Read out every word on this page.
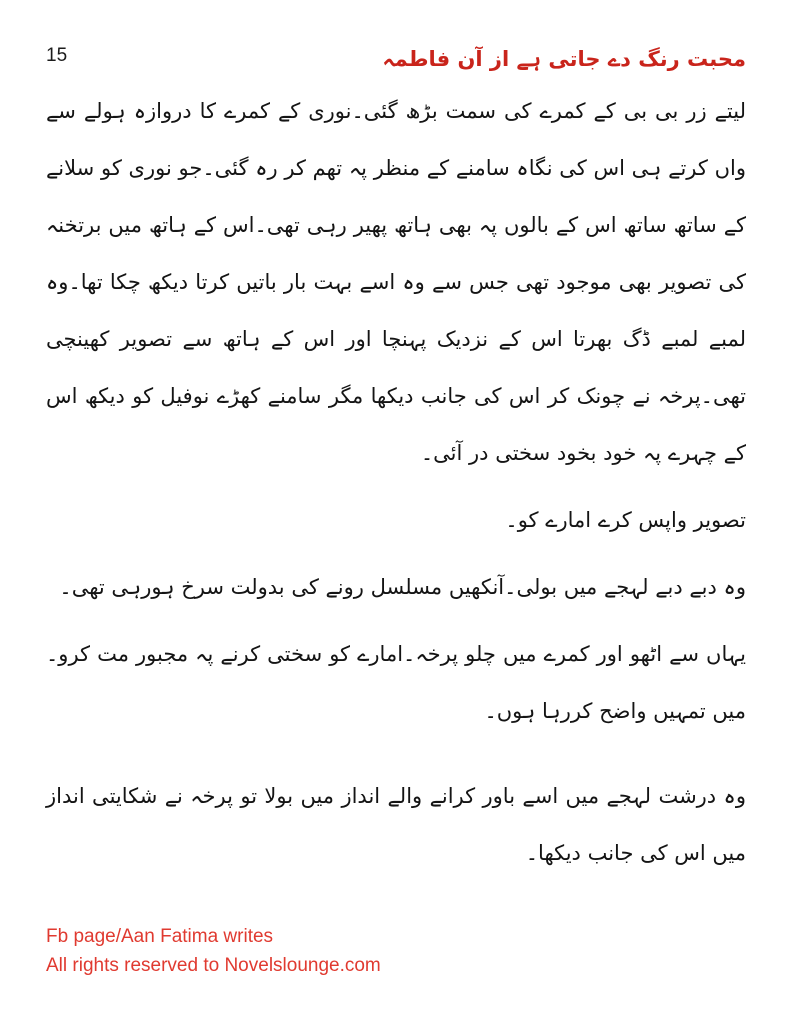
15	محبت رنگ دے جاتی ہے از آن فاطمہ

لیتے زر بی بی کے کمرے کی سمت بڑھ گئی۔نوری کے کمرے کا دروازہ ہولے سے واں کرتے ہی اس کی نگاہ سامنے کے منظر پہ تھم کر رہ گئی۔جو نوری کو سلانے کے ساتھ ساتھ اس کے بالوں پہ بھی ہاتھ پھیر رہی تھی۔اس کے ہاتھ میں برتخنہ کی تصویر بھی موجود تھی جس سے وہ اسے بہت بار باتیں کرتا دیکھ چکا تھا۔وہ لمبے لمبے ڈگ بھرتا اس کے نزدیک پہنچا اور اس کے ہاتھ سے تصویر کھینچی تھی۔پرخہ نے چونک کر اس کی جانب دیکھا مگر سامنے کھڑے نوفیل کو دیکھ اس کے چہرے پہ خود بخود سختی در آئی۔

تصویر واپس کرے امارے کو۔

وہ دبے دبے لہجے میں بولی۔آنکھیں مسلسل رونے کی بدولت سرخ ہورہی تھی۔

یہاں سے اٹھو اور کمرے میں چلو پرخہ۔امارے کو سختی کرنے پہ مجبور مت کرو۔میں تمہیں واضح کررہا ہوں۔

وہ درشت لہجے میں اسے باور کرانے والے انداز میں بولا تو پرخہ نے شکایتی انداز میں اس کی جانب دیکھا۔

Fb page/Aan Fatima writes
All rights reserved to Novelslounge.com
